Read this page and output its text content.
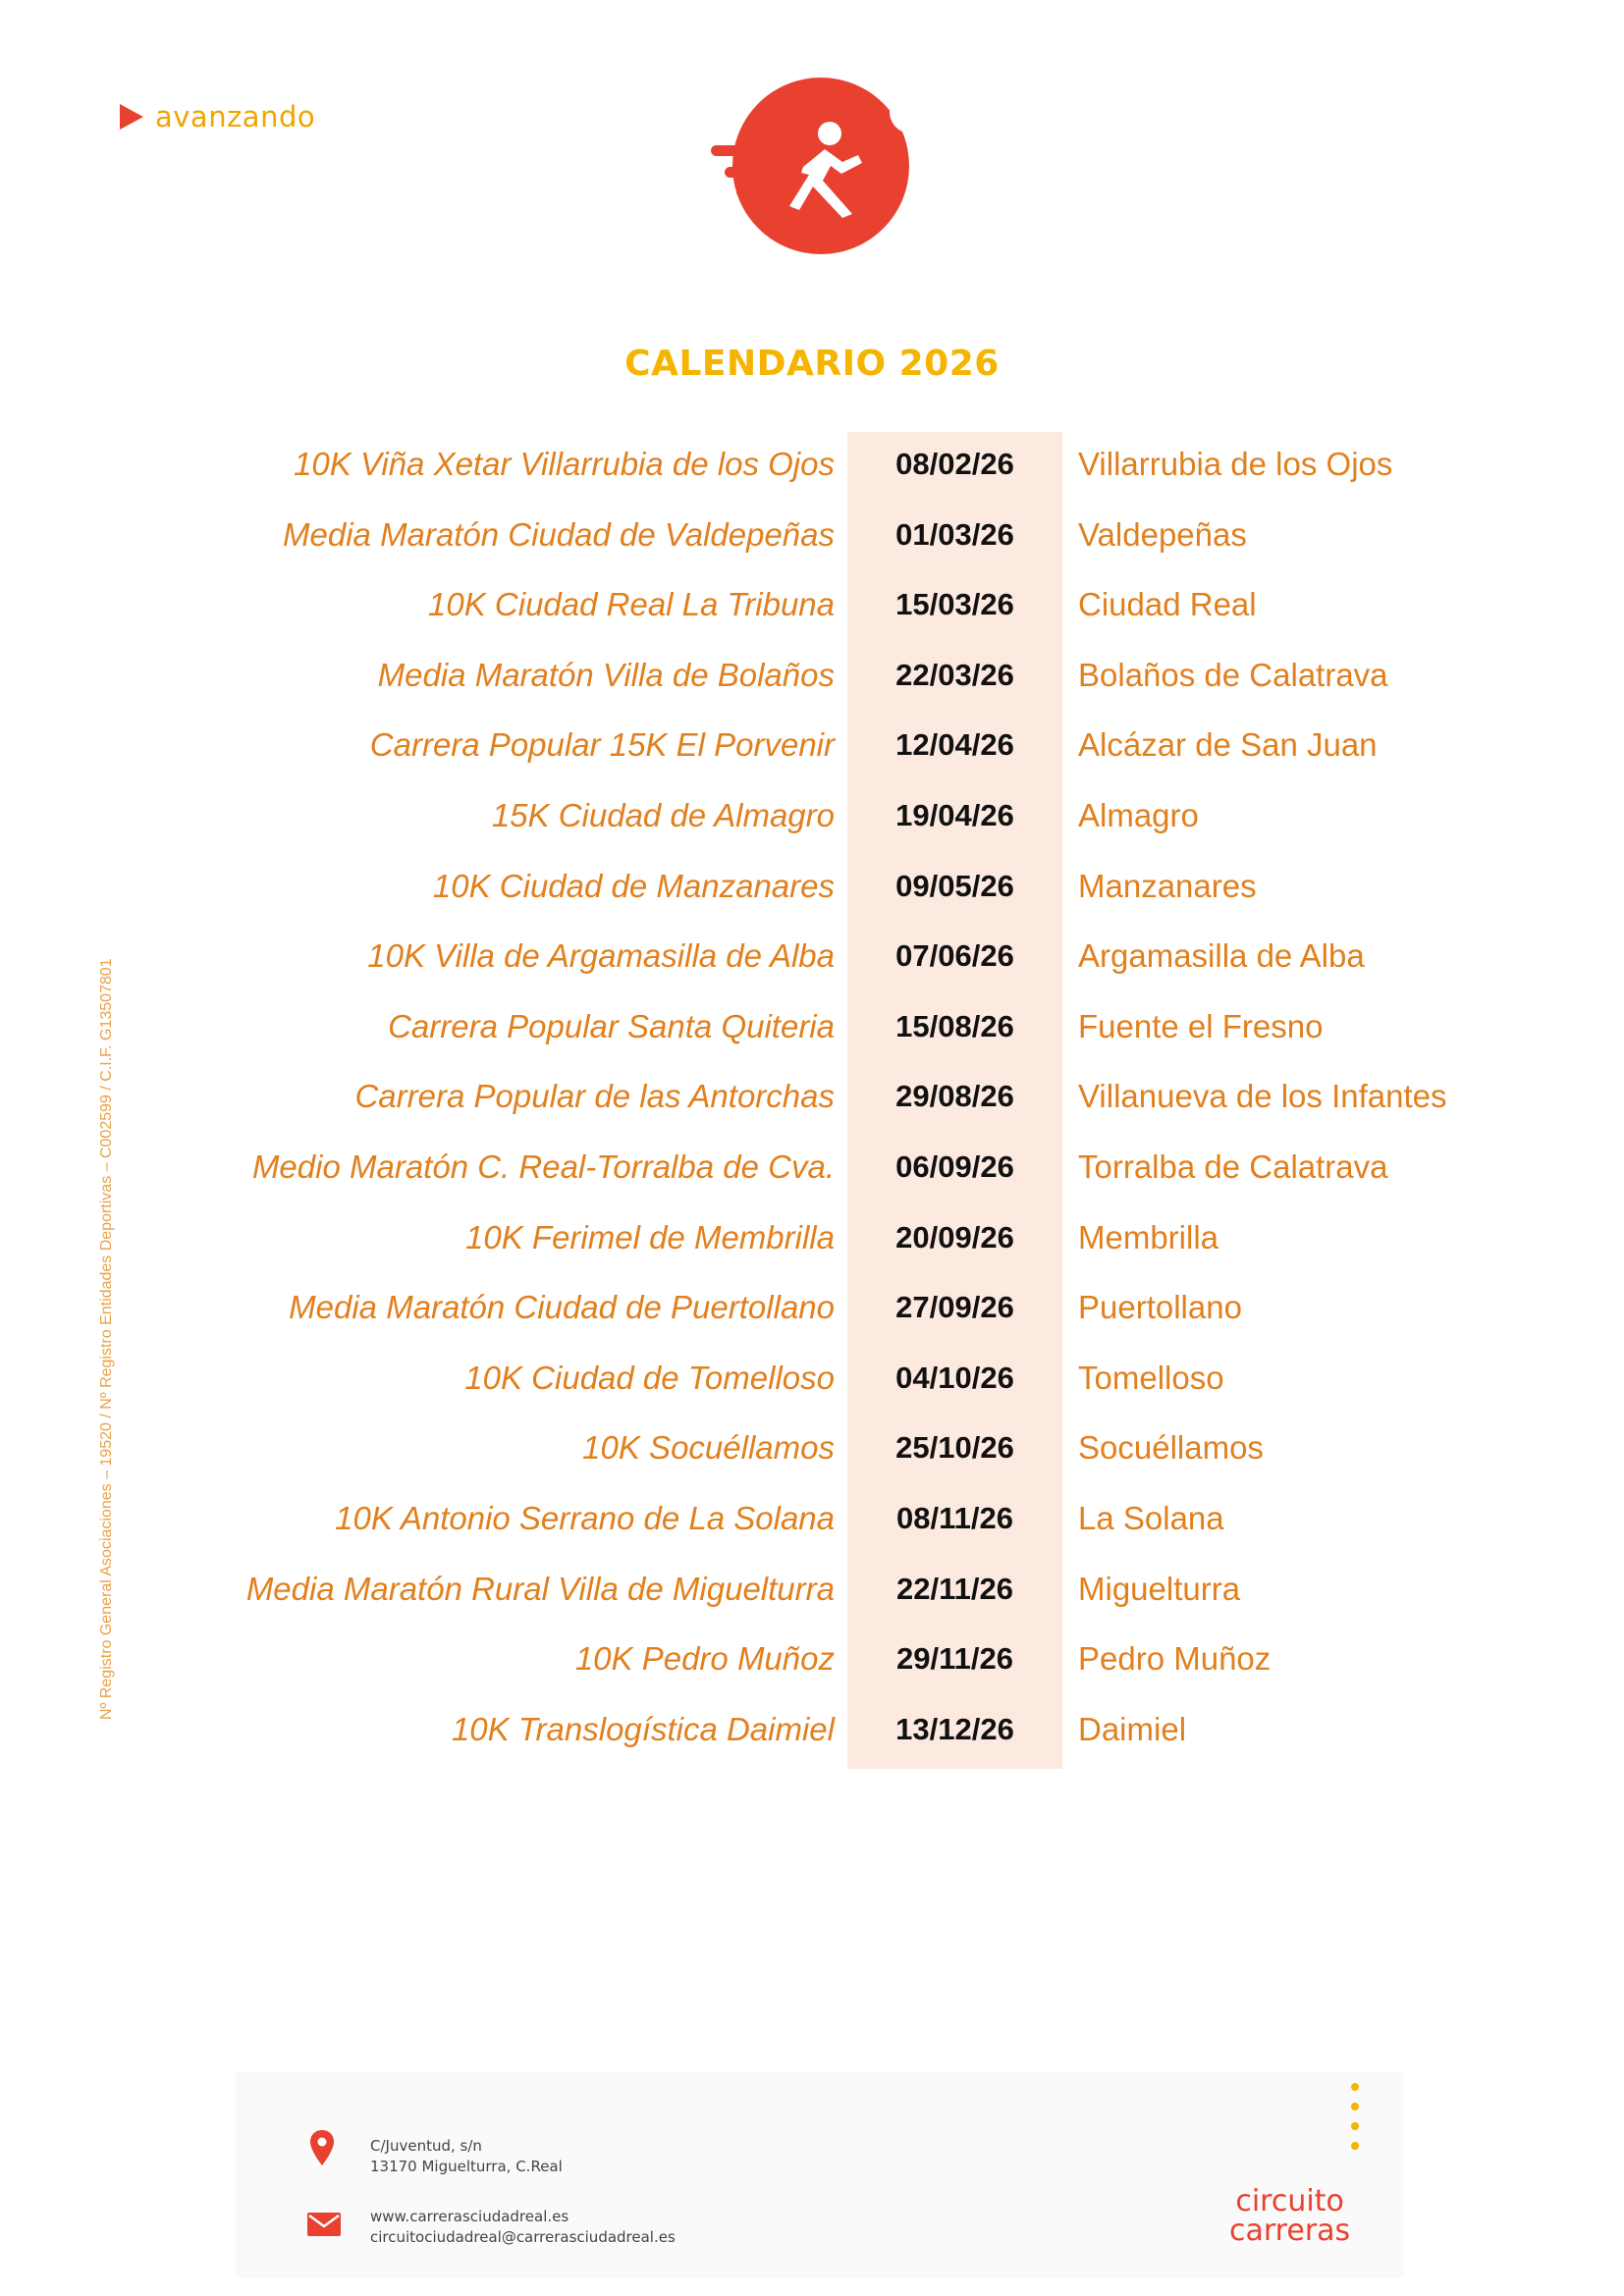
avanzando
CALENDARIO 2026
Nº Registro General Asociaciones – 19520 / Nº Registro Entidades Deportivas – C002599 / C.I.F. G13507801
10K Viña Xetar Villarrubia de los Ojos	08/02/26	Villarrubia de los Ojos
Media Maratón Ciudad de Valdepeñas	01/03/26	Valdepeñas
10K Ciudad Real La Tribuna	15/03/26	Ciudad Real
Media Maratón Villa de Bolaños	22/03/26	Bolaños de Calatrava
Carrera Popular 15K El Porvenir	12/04/26	Alcázar de San Juan
15K Ciudad de Almagro	19/04/26	Almagro
10K Ciudad de Manzanares	09/05/26	Manzanares
10K Villa de Argamasilla de Alba	07/06/26	Argamasilla de Alba
Carrera Popular Santa Quiteria	15/08/26	Fuente el Fresno
Carrera Popular de las Antorchas	29/08/26	Villanueva de los Infantes
Medio Maratón C. Real-Torralba de Cva.	06/09/26	Torralba de Calatrava
10K Ferimel de Membrilla	20/09/26	Membrilla
Media Maratón Ciudad de Puertollano	27/09/26	Puertollano
10K Ciudad de Tomelloso	04/10/26	Tomelloso
10K Socuéllamos	25/10/26	Socuéllamos
10K Antonio Serrano de La Solana	08/11/26	La Solana
Media Maratón Rural Villa de Miguelturra	22/11/26	Miguelturra
10K Pedro Muñoz	29/11/26	Pedro Muñoz
10K Translogística Daimiel	13/12/26	Daimiel
C/Juventud, s/n
13170 Miguelturra, C.Real
www.carrerasciudadreal.es
circuitociudadreal@carrerasciudadreal.es
circuito
carreras
